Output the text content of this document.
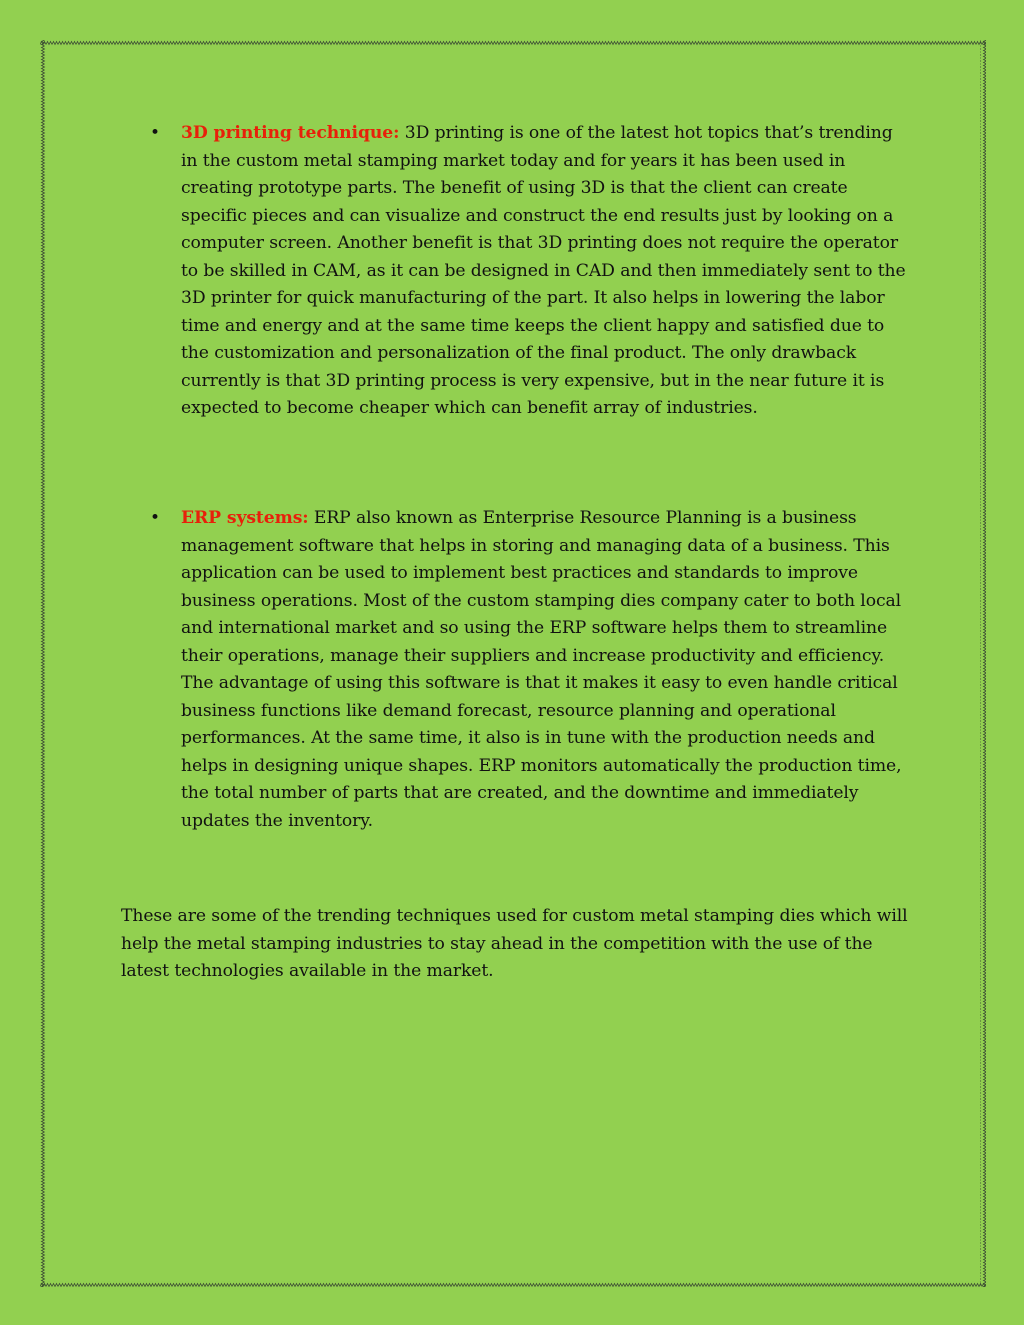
• 3D printing technique: 3D printing is one of the latest hot topics that’s trending in the custom metal stamping market today and for years it has been used in creating prototype parts. The benefit of using 3D is that the client can create specific pieces and can visualize and construct the end results just by looking on a computer screen. Another benefit is that 3D printing does not require the operator to be skilled in CAM, as it can be designed in CAD and then immediately sent to the 3D printer for quick manufacturing of the part. It also helps in lowering the labor time and energy and at the same time keeps the client happy and satisfied due to the customization and personalization of the final product. The only drawback currently is that 3D printing process is very expensive, but in the near future it is expected to become cheaper which can benefit array of industries.
• ERP systems: ERP also known as Enterprise Resource Planning is a business management software that helps in storing and managing data of a business. This application can be used to implement best practices and standards to improve business operations. Most of the custom stamping dies company cater to both local and international market and so using the ERP software helps them to streamline their operations, manage their suppliers and increase productivity and efficiency. The advantage of using this software is that it makes it easy to even handle critical business functions like demand forecast, resource planning and operational performances. At the same time, it also is in tune with the production needs and helps in designing unique shapes. ERP monitors automatically the production time, the total number of parts that are created, and the downtime and immediately updates the inventory.

These are some of the trending techniques used for custom metal stamping dies which will help the metal stamping industries to stay ahead in the competition with the use of the latest technologies available in the market.
